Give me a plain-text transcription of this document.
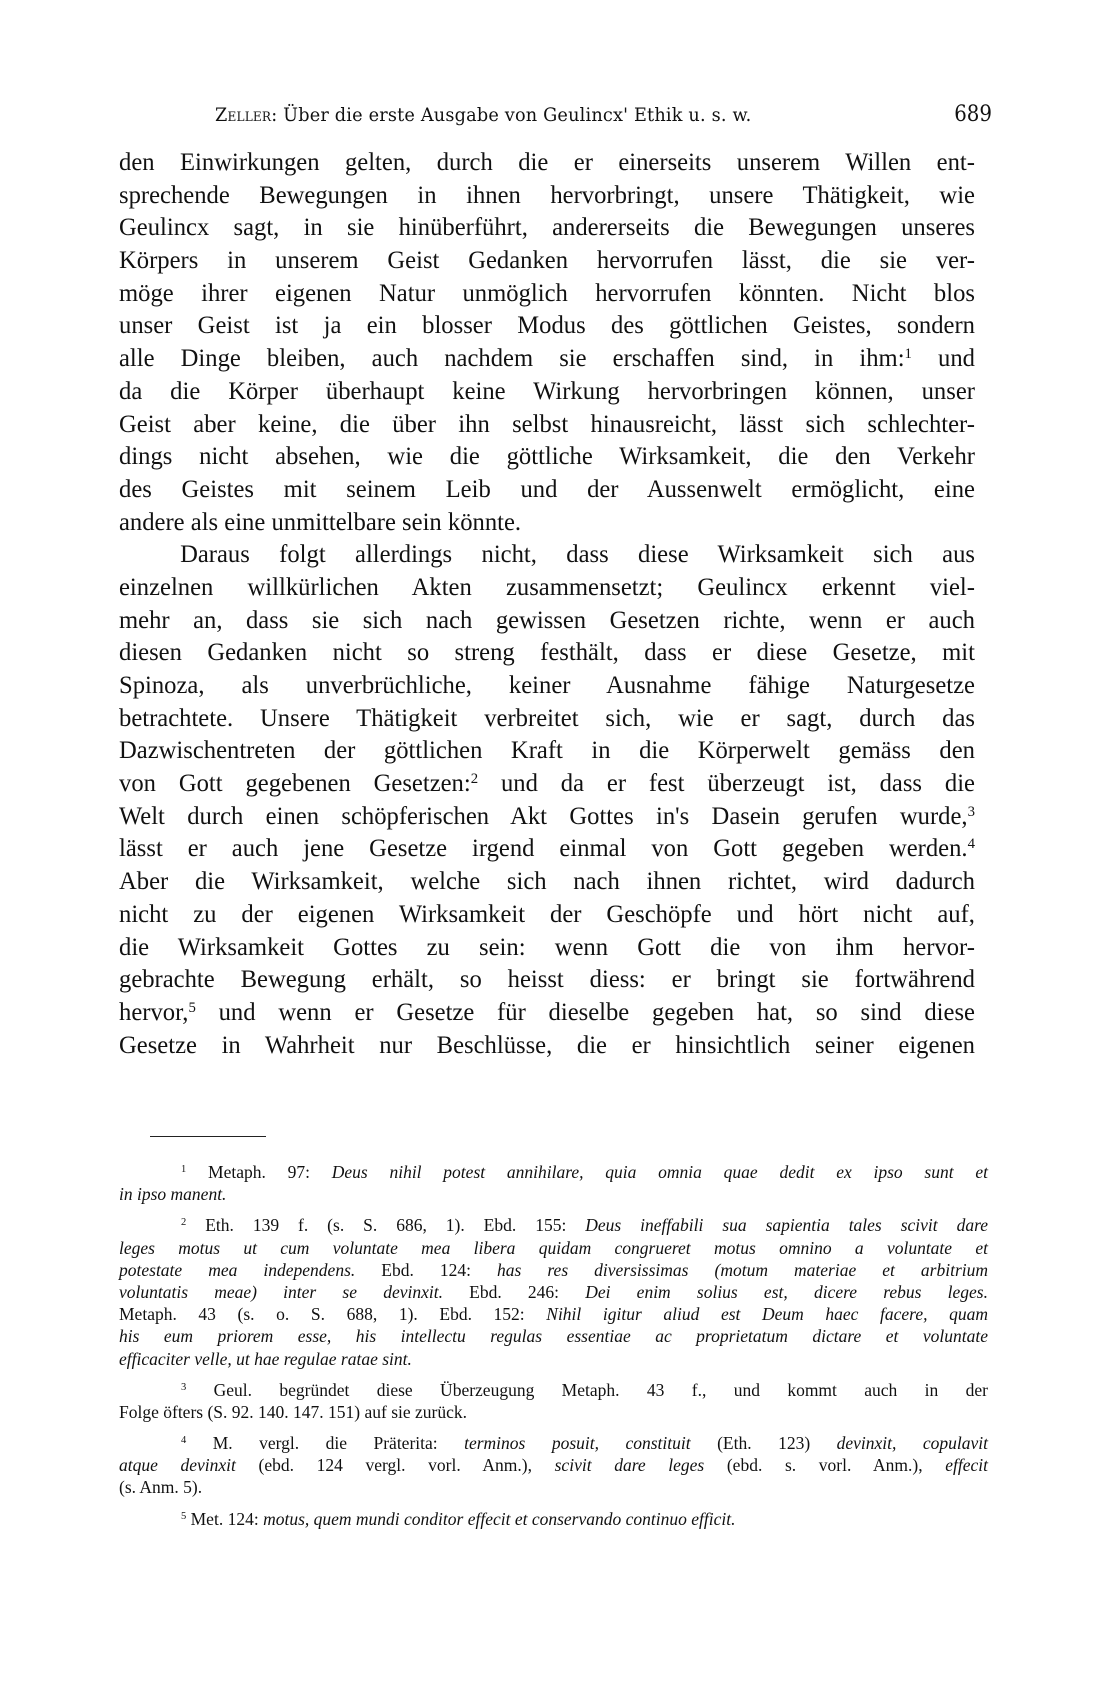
Zeller: Über die erste Ausgabe von Geulincx' Ethik u. s. w.	689
den Einwirkungen gelten, durch die er einerseits unserem Willen ent-
sprechende Bewegungen in ihnen hervorbringt, unsere Thätigkeit, wie
Geulincx sagt, in sie hinüberführt, andererseits die Bewegungen unseres
Körpers in unserem Geist Gedanken hervorrufen lässt, die sie ver-
möge ihrer eigenen Natur unmöglich hervorrufen könnten. Nicht blos
unser Geist ist ja ein blosser Modus des göttlichen Geistes, sondern
alle Dinge bleiben, auch nachdem sie erschaffen sind, in ihm:$^1$ und
da die Körper überhaupt keine Wirkung hervorbringen können, unser
Geist aber keine, die über ihn selbst hinausreicht, lässt sich schlechter-
dings nicht absehen, wie die göttliche Wirksamkeit, die den Verkehr
des Geistes mit seinem Leib und der Aussenwelt ermöglicht, eine
andere als eine unmittelbare sein könnte.
Daraus folgt allerdings nicht, dass diese Wirksamkeit sich aus
einzelnen willkürlichen Akten zusammensetzt; Geulincx erkennt viel-
mehr an, dass sie sich nach gewissen Gesetzen richte, wenn er auch
diesen Gedanken nicht so streng festhält, dass er diese Gesetze, mit
Spinoza, als unverbrüchliche, keiner Ausnahme fähige Naturgesetze
betrachtete. Unsere Thätigkeit verbreitet sich, wie er sagt, durch das
Dazwischentreten der göttlichen Kraft in die Körperwelt gemäss den
von Gott gegebenen Gesetzen:$^2$ und da er fest überzeugt ist, dass die
Welt durch einen schöpferischen Akt Gottes in's Dasein gerufen wurde,$^3$
lässt er auch jene Gesetze irgend einmal von Gott gegeben werden.$^4$
Aber die Wirksamkeit, welche sich nach ihnen richtet, wird dadurch
nicht zu der eigenen Wirksamkeit der Geschöpfe und hört nicht auf,
die Wirksamkeit Gottes zu sein: wenn Gott die von ihm hervor-
gebrachte Bewegung erhält, so heisst diess: er bringt sie fortwährend
hervor,$^5$ und wenn er Gesetze für dieselbe gegeben hat, so sind diese
Gesetze in Wahrheit nur Beschlüsse, die er hinsichtlich seiner eigenen
$^1$ Metaph. 97: Deus nihil potest annihilare, quia omnia quae dedit ex ipso sunt et
in ipso manent.
$^2$ Eth. 139 f. (s. S. 686, 1). Ebd. 155: Deus ineffabili sua sapientia tales scivit dare
leges motus ut cum voluntate mea libera quidam congrueret motus omnino a voluntate et
potestate mea independens. Ebd. 124: has res diversissimas (motum materiae et arbitrium
voluntatis meae) inter se devinxit. Ebd. 246: Dei enim solius est, dicere rebus leges.
Metaph. 43 (s. o. S. 688, 1). Ebd. 152: Nihil igitur aliud est Deum haec facere, quam
his eum priorem esse, his intellectu regulas essentiae ac proprietatum dictare et voluntate
efficaciter velle, ut hae regulae ratae sint.
$^3$ Geul. begründet diese Überzeugung Metaph. 43 f., und kommt auch in der
Folge öfters (S. 92. 140. 147. 151) auf sie zurück.
$^4$ M. vergl. die Präterita: terminos posuit, constituit (Eth. 123) devinxit, copulavit
atque devinxit (ebd. 124 vergl. vorl. Anm.), scivit dare leges (ebd. s. vorl. Anm.), effecit
(s. Anm. 5).
$^5$ Met. 124: motus, quem mundi conditor effecit et conservando continuo efficit.
